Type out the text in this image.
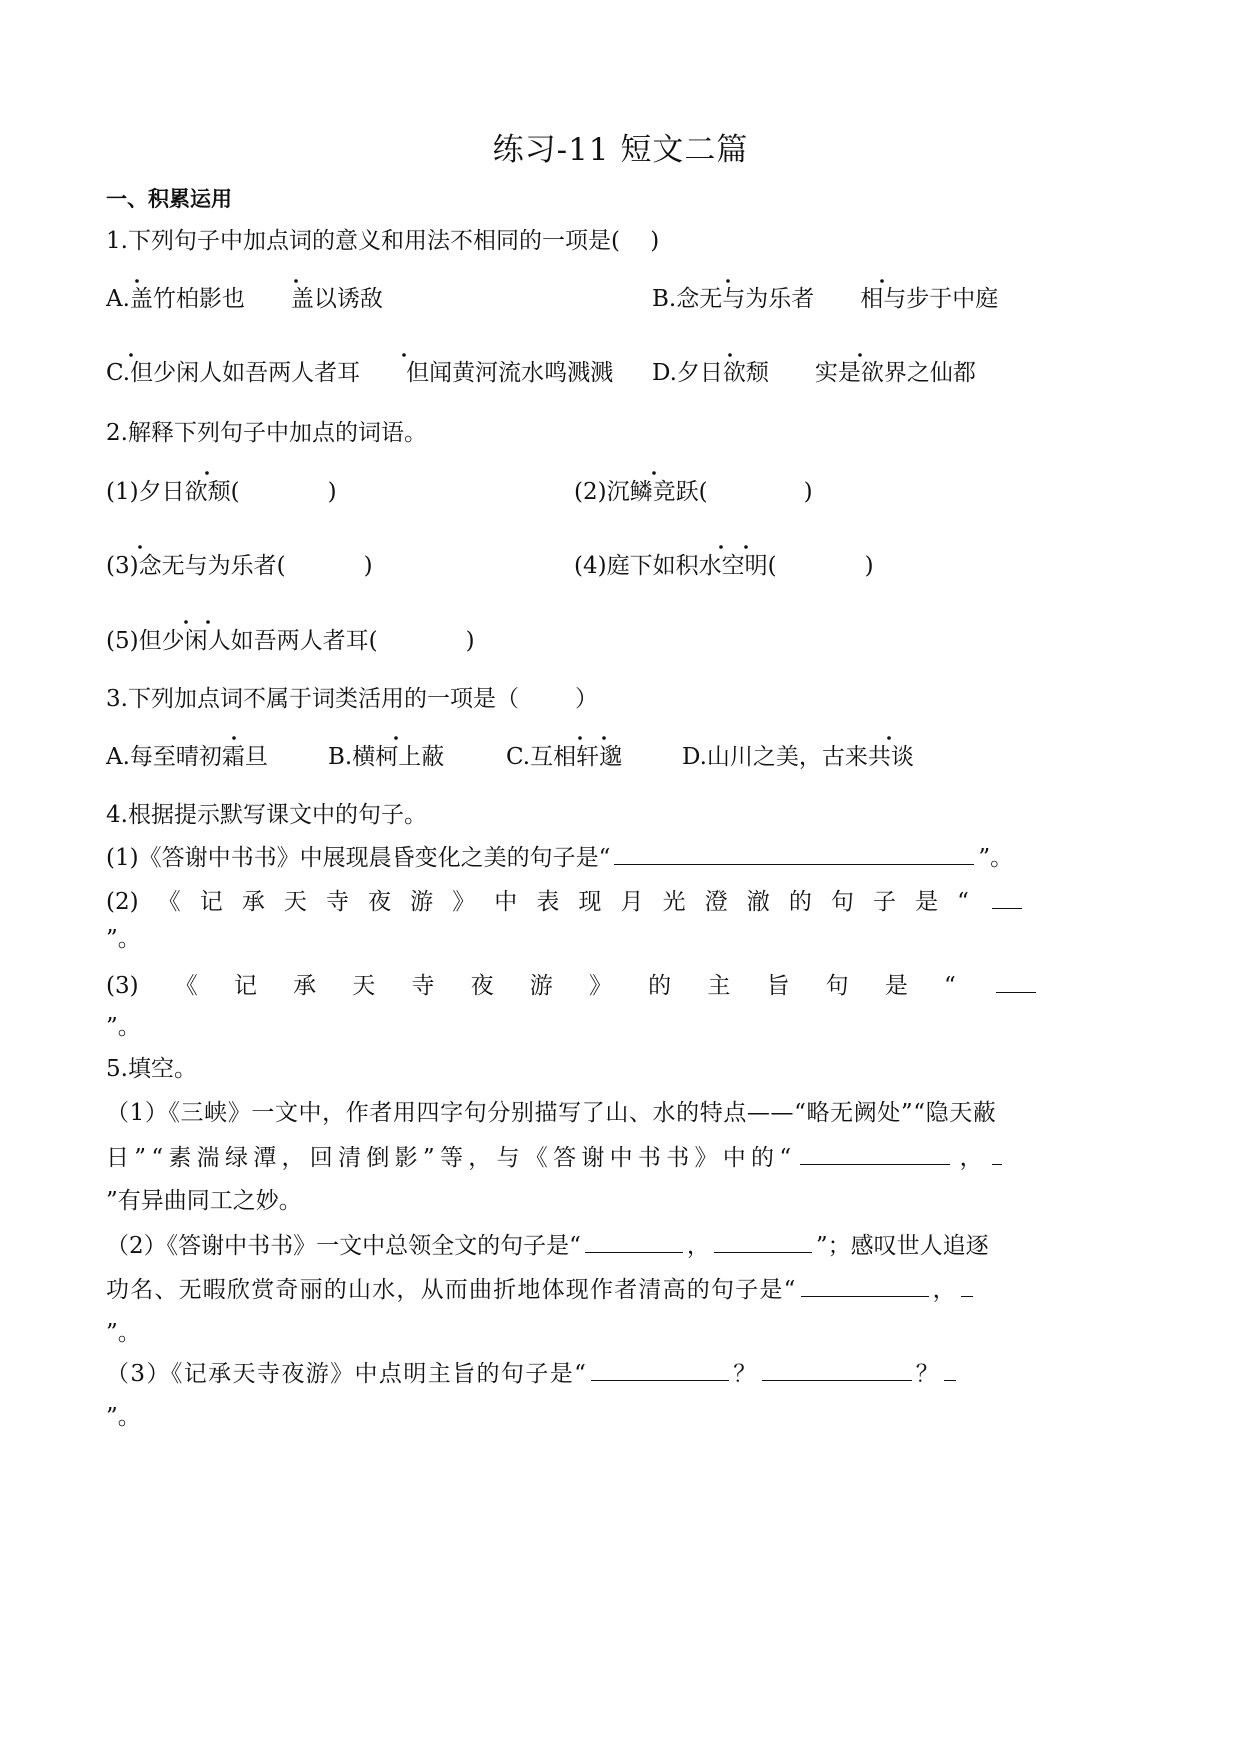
练习-11 短文二篇
一、积累运用
1.下列句子中加点词的意义和用法不相同的一项是(　 )
A.盖竹柏影也　　盖以诱敌	B.念无与为乐者　　相与步于中庭
C.但少闲人如吾两人者耳　　但闻黄河流水鸣溅溅 D.夕日欲颓　　实是欲界之仙都
2.解释下列句子中加点的词语。
(1)夕日欲颓(	)	(2)沉鳞竞跃(	)
(3)念无与为乐者(	)	(4)庭下如积水空明(	)
(5)但少闲人如吾两人者耳(	)
3.下列加点词不属于词类活用的一项是（ ）
A.每至晴初霜旦	B.横柯上蔽	C.互相轩邈	D.山川之美，古来共谈
4.根据提示默写课文中的句子。
(1)《答谢中书书》中展现晨昏变化之美的句子是“	”。
(2) 《 记 承 天 寺 夜 游 》 中 表 现 月 光 澄 澈 的 句 子 是 “
”。
(3) 《 记 承 天 寺 夜 游 》 的 主 旨 句 是 “
”。
5.填空。
（1）《三峡》一文中，作者用四字句分别描写了山、水的特点——“略无阙处”“隐天蔽
日 ” “ 素 湍 绿 潭 ， 回 清 倒 影 ” 等 ， 与 《 答 谢 中 书 书 》 中 的 “	，
”有异曲同工之妙。
（2）《答谢中书书》一文中总领全文的句子是“	，	”；感叹世人追逐
功名、无暇欣赏奇丽的山水，从而曲折地体现作者清高的句子是“	，
”。
（3）《记承天寺夜游》中点明主旨的句子是“	？	？
”。
